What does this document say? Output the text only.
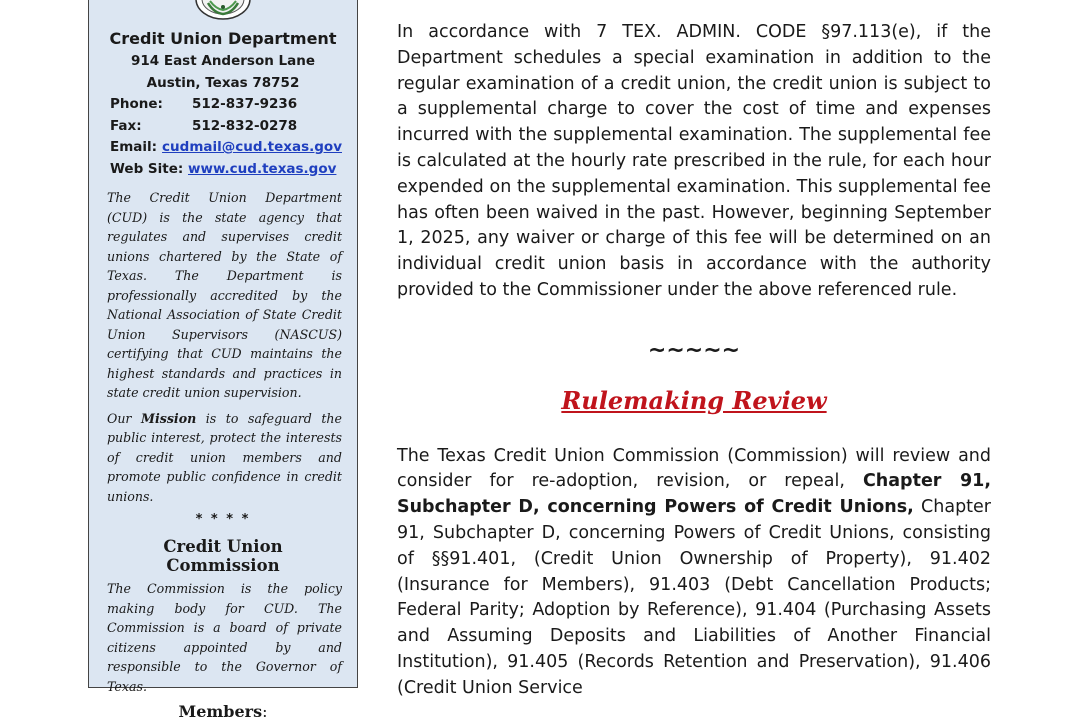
Credit Union Department
914 East Anderson Lane
Austin, Texas 78752
Phone:	512-837-9236
Fax:	512-832-0278
Email: cudmail@cud.texas.gov
Web Site: www.cud.texas.gov
The Credit Union Department (CUD) is the state agency that regulates and supervises credit unions chartered by the State of Texas. The Department is professionally accredited by the National Association of State Credit Union Supervisors (NASCUS) certifying that CUD maintains the highest standards and practices in state credit union supervision.
Our Mission is to safeguard the public interest, protect the interests of credit union members and promote public confidence in credit unions.
* * * *
Credit Union Commission
The Commission is the policy making body for CUD. The Commission is a board of private citizens appointed by and responsible to the Governor of Texas.
Members:

In accordance with 7 TEX. ADMIN. CODE §97.113(e), if the Department schedules a special examination in addition to the regular examination of a credit union, the credit union is subject to a supplemental charge to cover the cost of time and expenses incurred with the supplemental examination. The supplemental fee is calculated at the hourly rate prescribed in the rule, for each hour expended on the supplemental examination. This supplemental fee has often been waived in the past. However, beginning September 1, 2025, any waiver or charge of this fee will be determined on an individual credit union basis in accordance with the authority provided to the Commissioner under the above referenced rule.

~~~~~
Rulemaking Review

The Texas Credit Union Commission (Commission) will review and consider for re-adoption, revision, or repeal, Chapter 91, Subchapter D, concerning Powers of Credit Unions, Chapter 91, Subchapter D, concerning Powers of Credit Unions, consisting of §§91.401, (Credit Union Ownership of Property), 91.402 (Insurance for Members), 91.403 (Debt Cancellation Products; Federal Parity; Adoption by Reference), 91.404 (Purchasing Assets and Assuming Deposits and Liabilities of Another Financial Institution), 91.405 (Records Retention and Preservation), 91.406 (Credit Union Service
